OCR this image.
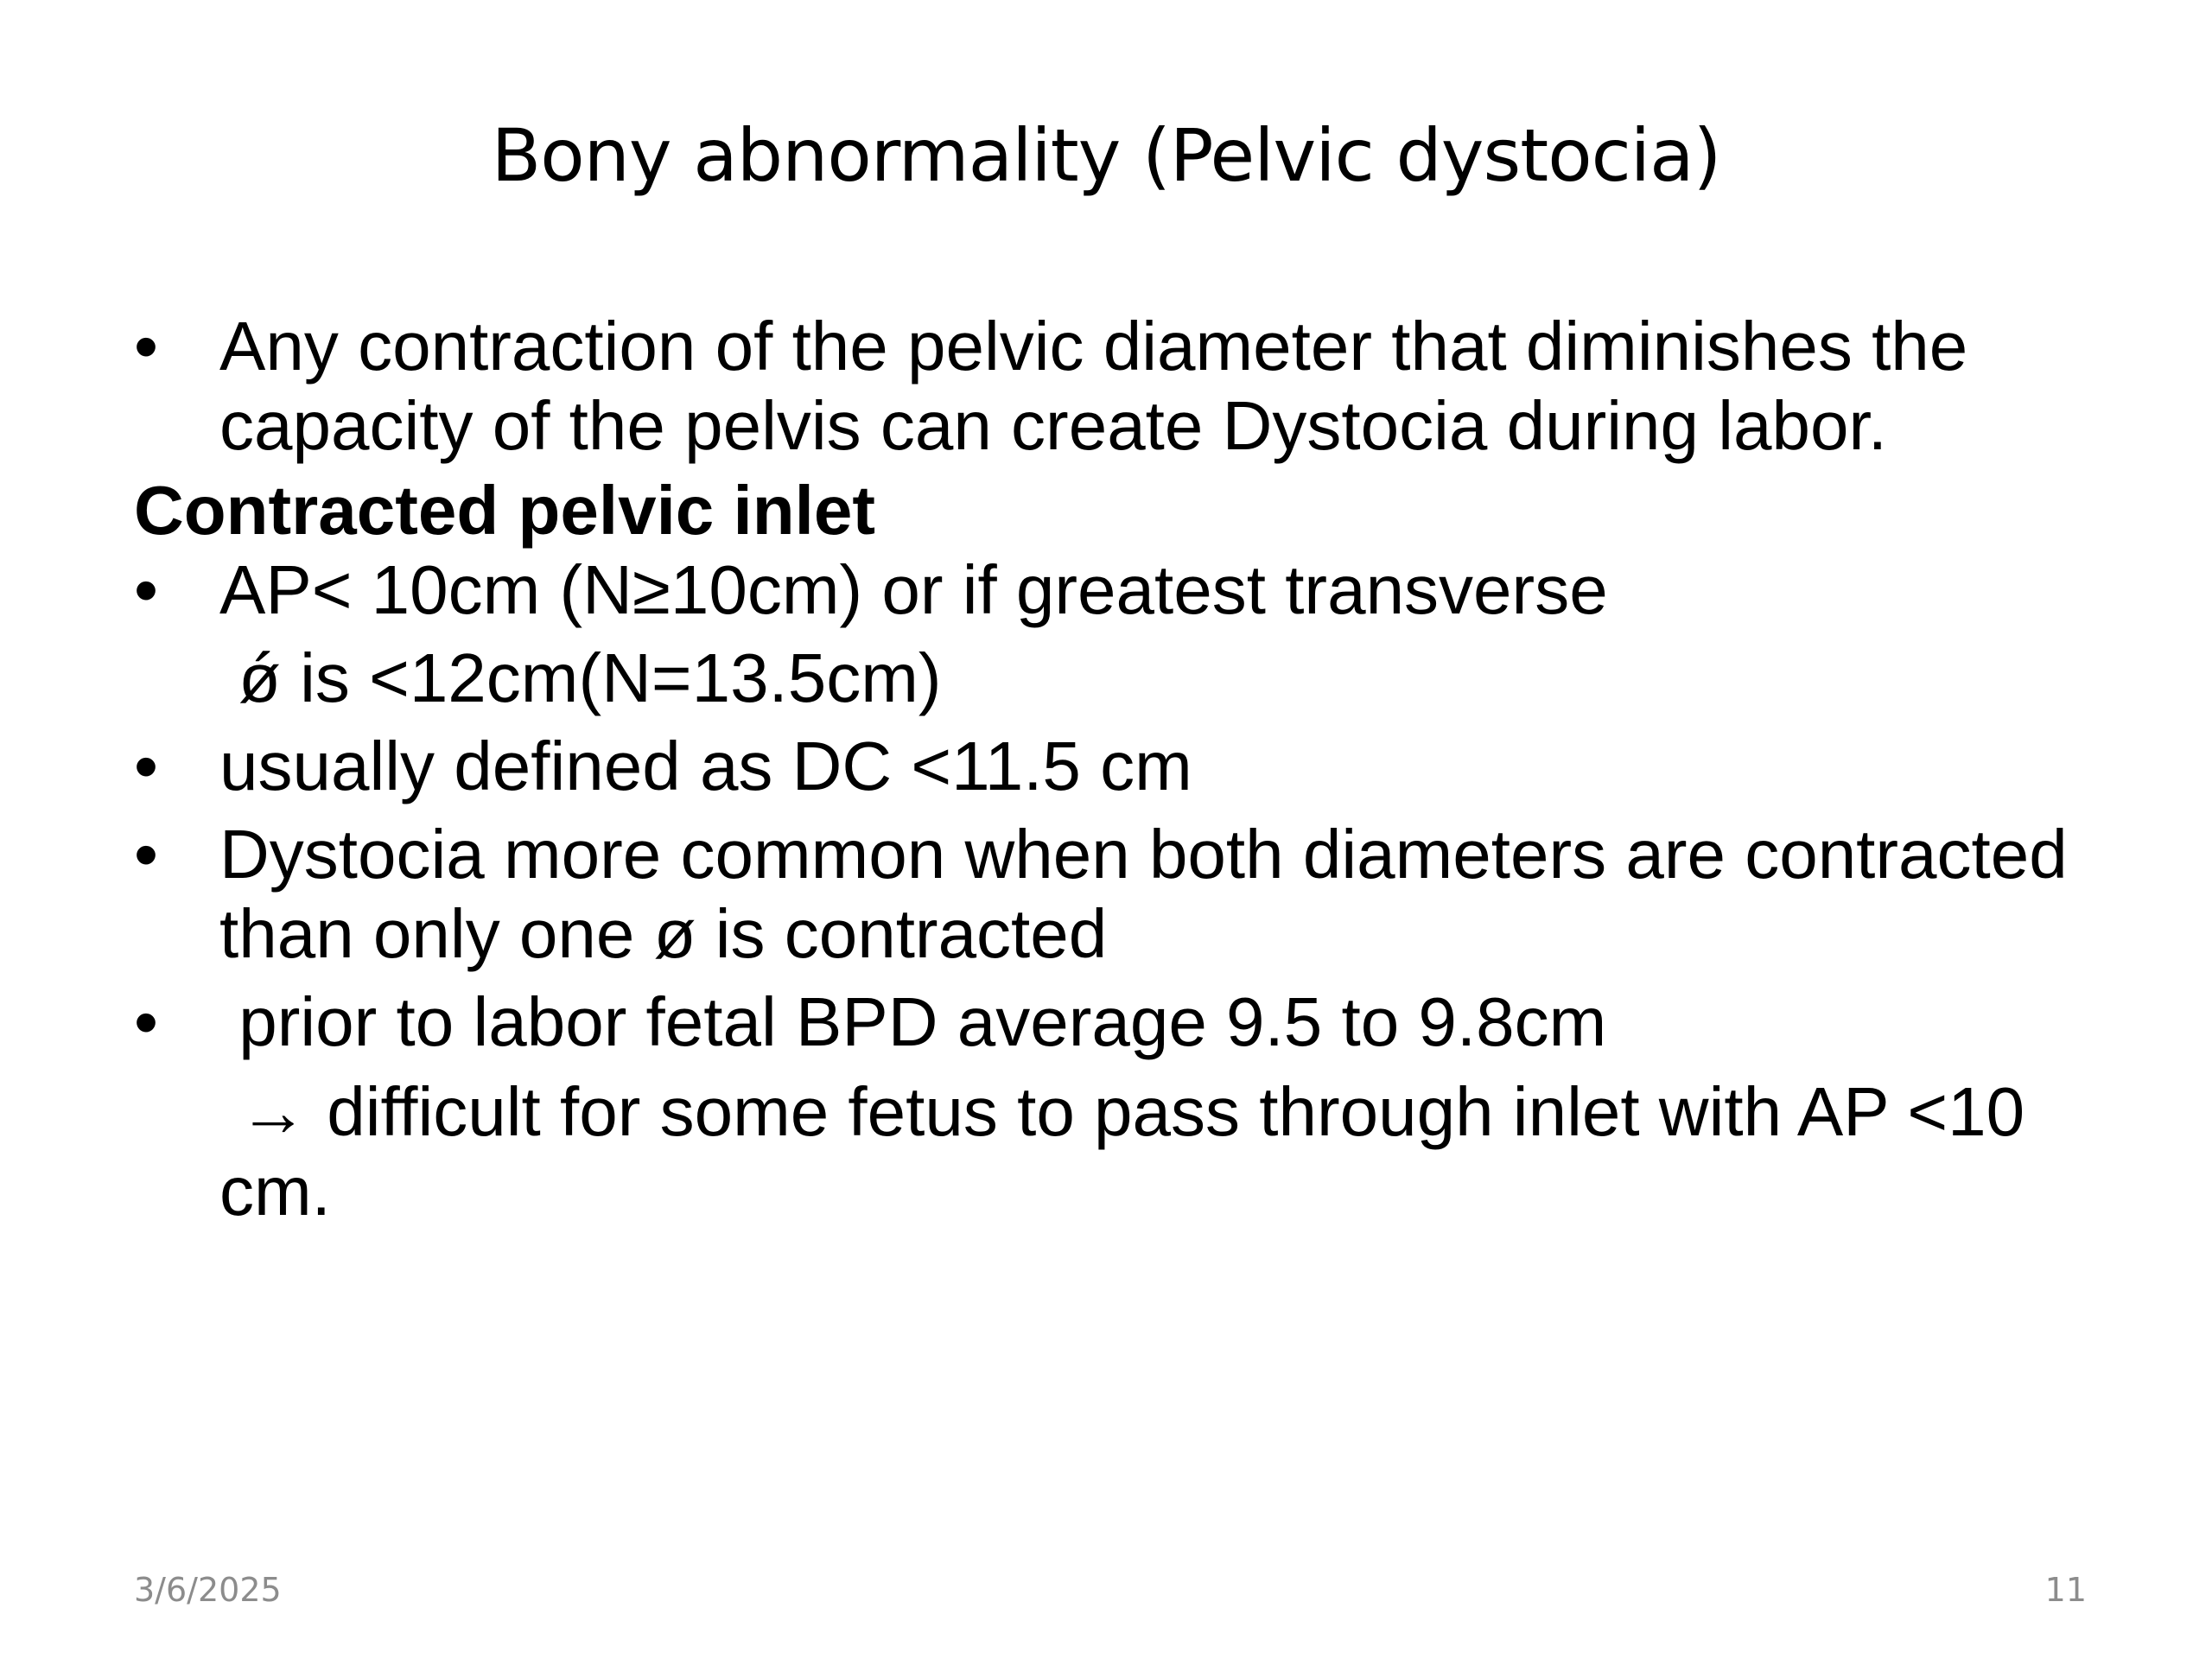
Bony abnormality (Pelvic dystocia)
• Any contraction of the pelvic diameter that diminishes the capacity of the pelvis can create Dystocia during labor.
Contracted pelvic inlet
• AP< 10cm (N≥10cm) or if greatest transverse
ǿ is <12cm(N=13.5cm)
• usually defined as DC <11.5 cm
• Dystocia more common when both diameters are contracted than only one ø is contracted
• prior to labor fetal BPD average 9.5 to 9.8cm
→ difficult for some fetus to pass through inlet with AP <10 cm.
3/6/2025	11
